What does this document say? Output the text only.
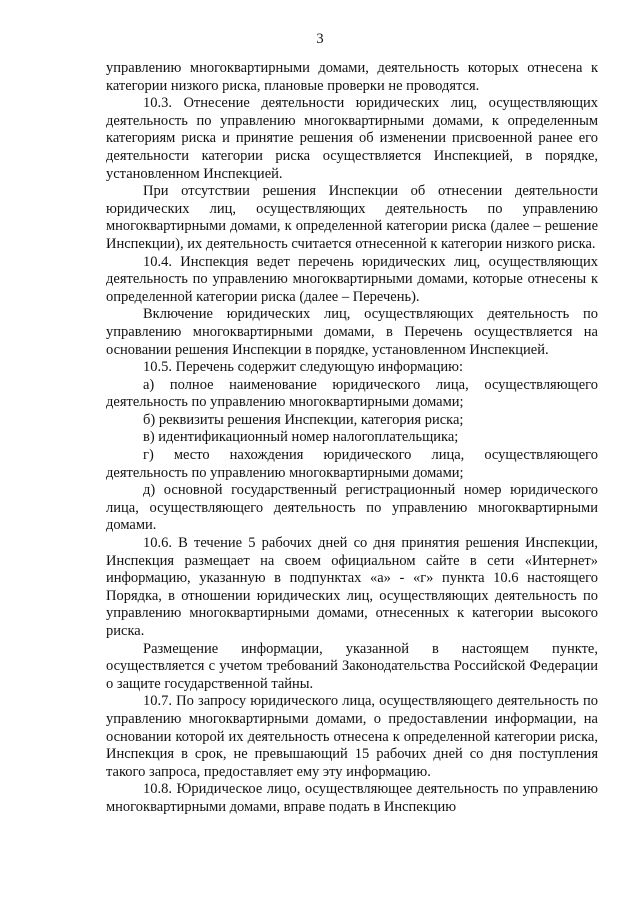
3

управлению многоквартирными домами, деятельность которых отнесена к категории низкого риска, плановые проверки не проводятся.

10.3. Отнесение деятельности юридических лиц, осуществляющих деятельность по управлению многоквартирными домами, к определенным категориям риска и принятие решения об изменении присвоенной ранее его деятельности категории риска осуществляется Инспекцией, в порядке, установленном Инспекцией.

При отсутствии решения Инспекции об отнесении деятельности юридических лиц, осуществляющих деятельность по управлению многоквартирными домами, к определенной категории риска (далее – решение Инспекции), их деятельность считается отнесенной к категории низкого риска.

10.4. Инспекция ведет перечень юридических лиц, осуществляющих деятельность по управлению многоквартирными домами, которые отнесены к определенной категории риска (далее – Перечень).

Включение юридических лиц, осуществляющих деятельность по управлению многоквартирными домами, в Перечень осуществляется на основании решения Инспекции в порядке, установленном Инспекцией.

10.5. Перечень содержит следующую информацию:

а) полное наименование юридического лица, осуществляющего деятельность по управлению многоквартирными домами;

б) реквизиты решения Инспекции, категория риска;

в) идентификационный номер налогоплательщика;

г) место нахождения юридического лица, осуществляющего деятельность по управлению многоквартирными домами;

д) основной государственный регистрационный номер юридического лица, осуществляющего деятельность по управлению многоквартирными домами.

10.6. В течение 5 рабочих дней со дня принятия решения Инспекции, Инспекция размещает на своем официальном сайте в сети «Интернет» информацию, указанную в подпунктах «а» - «г» пункта 10.6 настоящего Порядка, в отношении юридических лиц, осуществляющих деятельность по управлению многоквартирными домами, отнесенных к категории высокого риска.

Размещение информации, указанной в настоящем пункте, осуществляется с учетом требований Законодательства Российской Федерации о защите государственной тайны.

10.7. По запросу юридического лица, осуществляющего деятельность по управлению многоквартирными домами, о предоставлении информации, на основании которой их деятельность отнесена к определенной категории риска, Инспекция в срок, не превышающий 15 рабочих дней со дня поступления такого запроса, предоставляет ему эту информацию.

10.8. Юридическое лицо, осуществляющее деятельность по управлению многоквартирными домами, вправе подать в Инспекцию
